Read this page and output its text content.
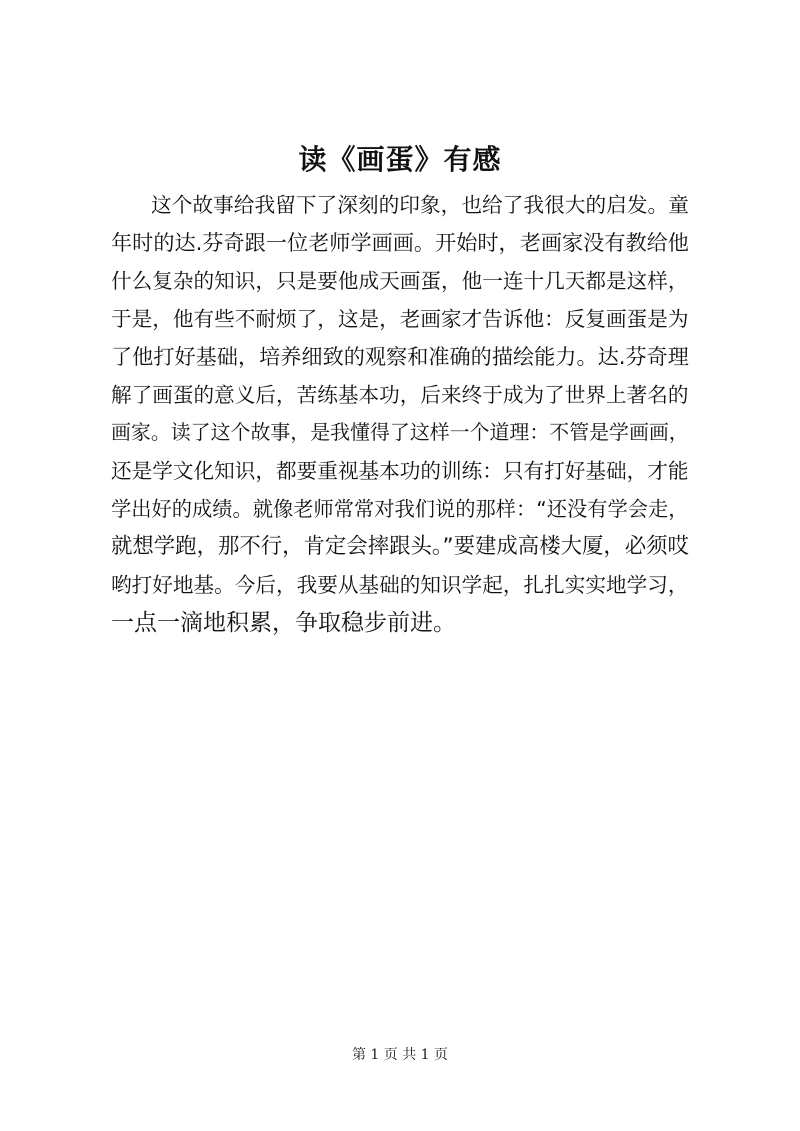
读《画蛋》有感
这个故事给我留下了深刻的印象，也给了我很大的启发。童
年时的达.芬奇跟一位老师学画画。开始时，老画家没有教给他
什么复杂的知识，只是要他成天画蛋，他一连十几天都是这样，
于是，他有些不耐烦了，这是，老画家才告诉他：反复画蛋是为
了他打好基础，培养细致的观察和准确的描绘能力。达.芬奇理
解了画蛋的意义后，苦练基本功，后来终于成为了世界上著名的
画家。读了这个故事，是我懂得了这样一个道理：不管是学画画，
还是学文化知识，都要重视基本功的训练：只有打好基础，才能
学出好的成绩。就像老师常常对我们说的那样：“还没有学会走，
就想学跑，那不行，肯定会摔跟头。”要建成高楼大厦，必须哎
哟打好地基。今后，我要从基础的知识学起，扎扎实实地学习，
一点一滴地积累，争取稳步前进。
第 1 页 共 1 页
